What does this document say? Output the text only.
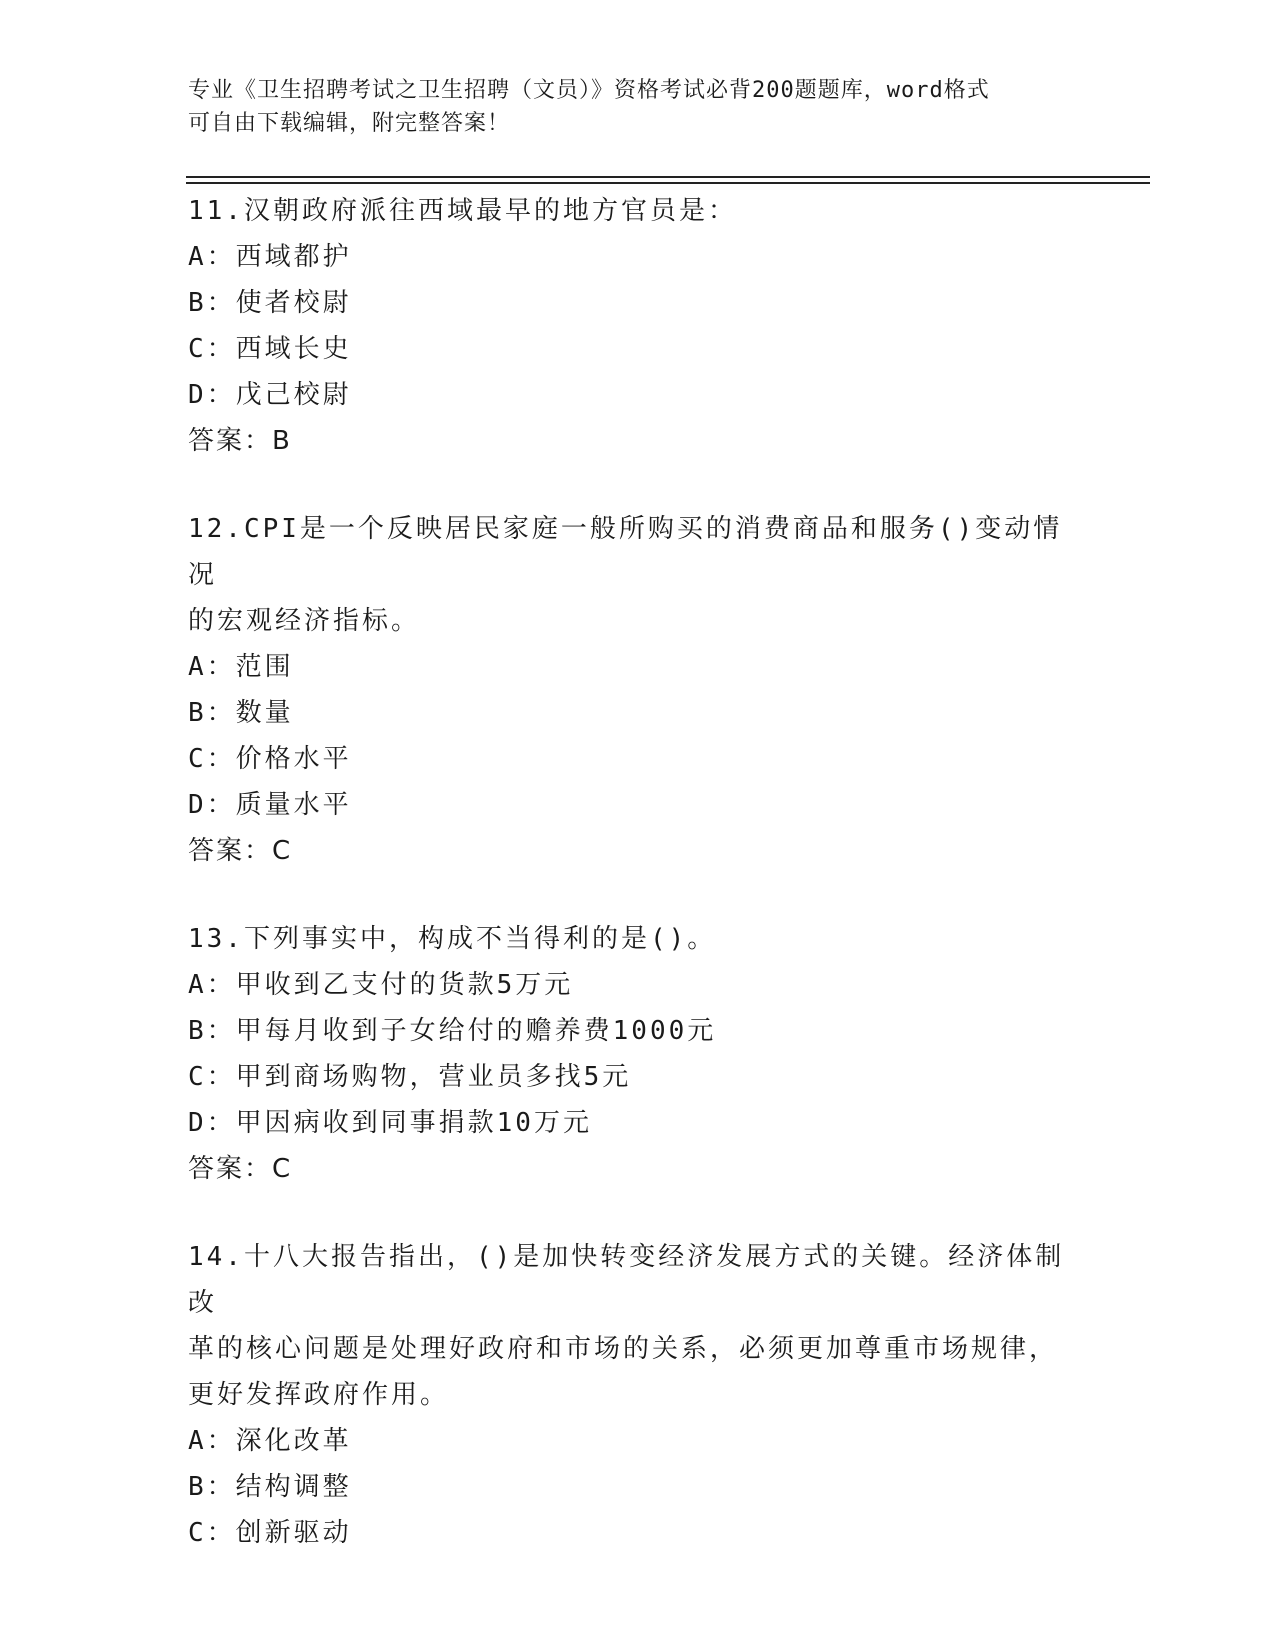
专业《卫生招聘考试之卫生招聘（文员）》资格考试必背200题题库，word格式
可自由下载编辑，附完整答案！
11.汉朝政府派往西域最早的地方官员是：
A：西域都护
B：使者校尉
C：西域长史
D：戊己校尉
答案：B
12.CPI是一个反映居民家庭一般所购买的消费商品和服务()变动情况
的宏观经济指标。
A：范围
B：数量
C：价格水平
D：质量水平
答案：C
13.下列事实中，构成不当得利的是()。
A：甲收到乙支付的货款5万元
B：甲每月收到子女给付的赡养费1000元
C：甲到商场购物，营业员多找5元
D：甲因病收到同事捐款10万元
答案：C
14.十八大报告指出，()是加快转变经济发展方式的关键。经济体制改
革的核心问题是处理好政府和市场的关系，必须更加尊重市场规律，
更好发挥政府作用。
A：深化改革
B：结构调整
C：创新驱动
